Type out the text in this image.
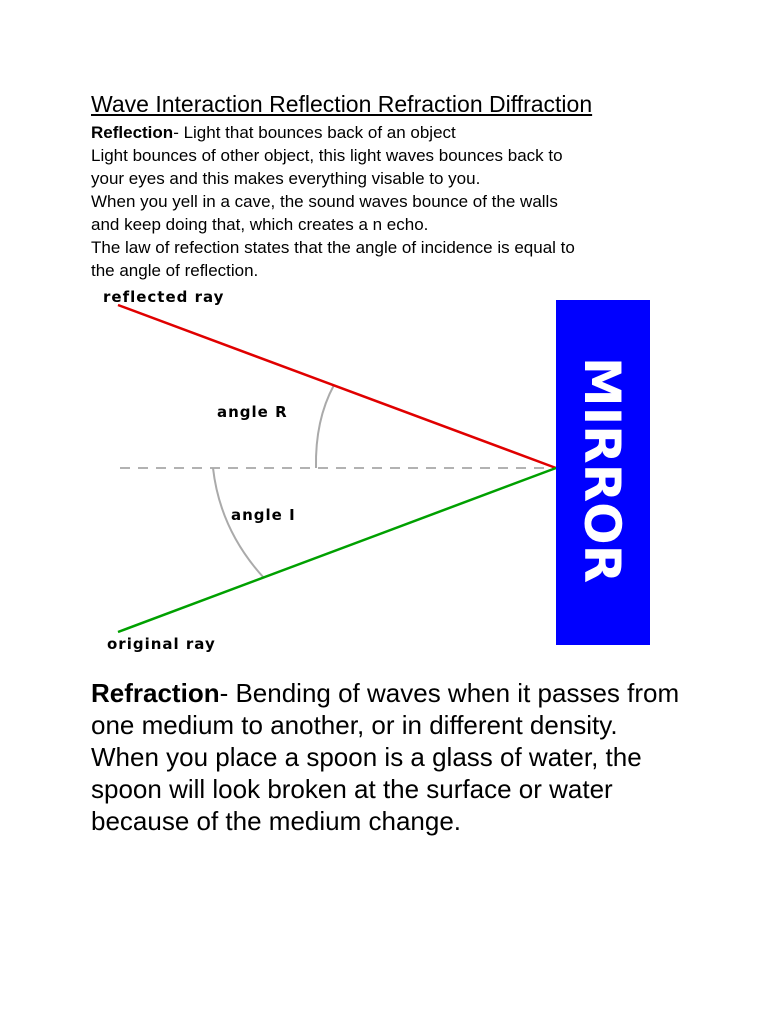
Wave Interaction Reflection Refraction Diffraction

Reflection- Light that bounces back of an object

Light bounces of other object, this light waves bounces back to

your eyes and this makes everything visable to you.

When you yell in a cave, the sound waves bounce of the walls

and keep doing that, which creates a n echo.

The law of refection states that the angle of incidence is equal to

the angle of reflection.

MIRROR
reflected ray
angle R
angle I
original ray

Refraction- Bending of waves when it passes from one medium to another, or in different density.

When you place a spoon is a glass of water, the spoon will look broken at the surface or water because of the medium change.
